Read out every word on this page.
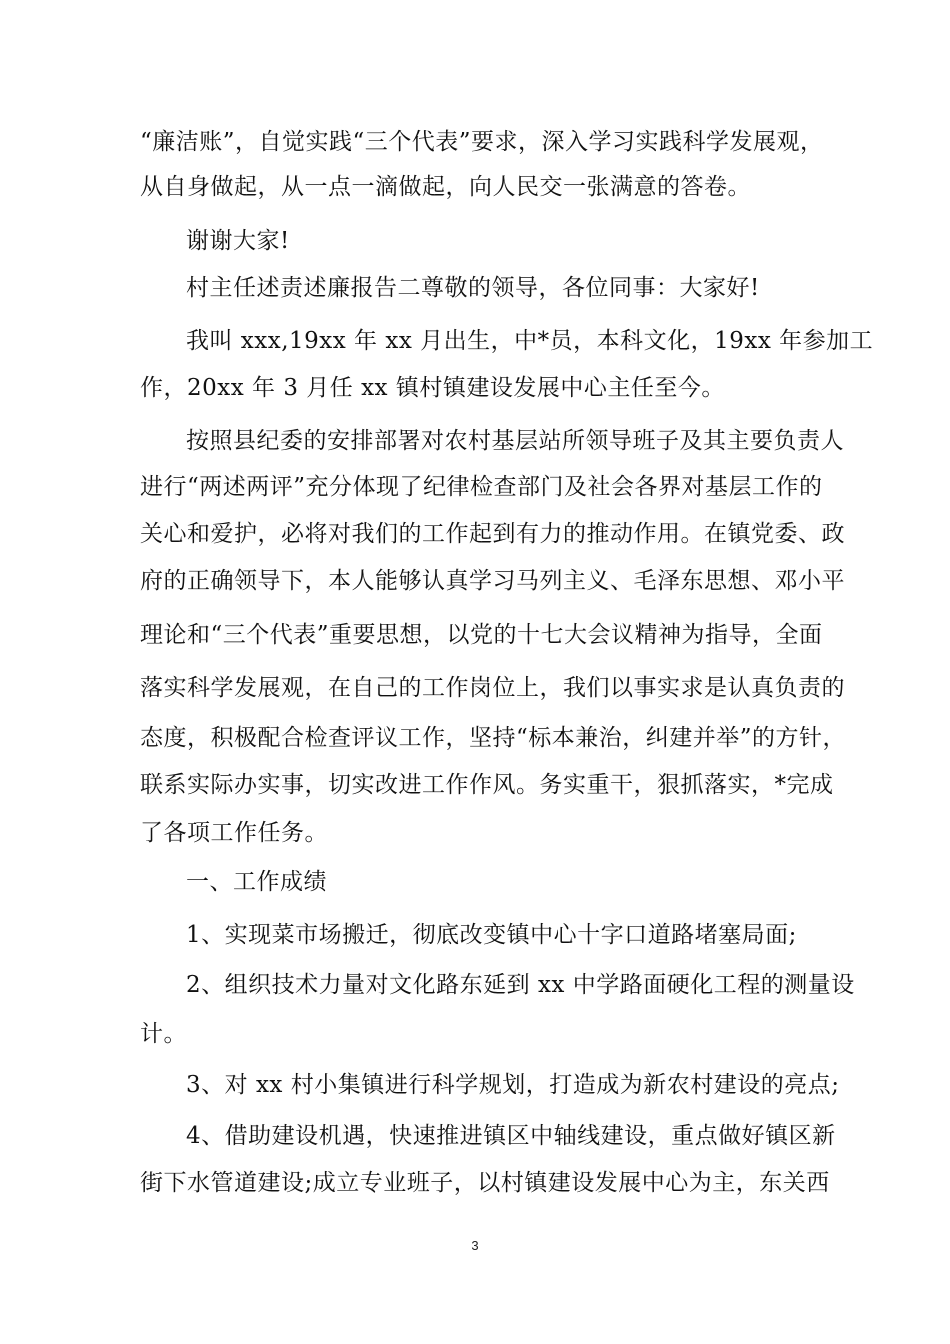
“廉洁账”，自觉实践“三个代表”要求，深入学习实践科学发展观，
从自身做起，从一点一滴做起，向人民交一张满意的答卷。
谢谢大家!
村主任述责述廉报告二尊敬的领导，各位同事：大家好!
我叫 xxx,19xx 年 xx 月出生，中*员，本科文化，19xx 年参加工
作，20xx 年 3 月任 xx 镇村镇建设发展中心主任至今。
按照县纪委的安排部署对农村基层站所领导班子及其主要负责人
进行“两述两评”充分体现了纪律检查部门及社会各界对基层工作的
关心和爱护，必将对我们的工作起到有力的推动作用。在镇党委、政
府的正确领导下，本人能够认真学习马列主义、毛泽东思想、邓小平
理论和“三个代表”重要思想，以党的十七大会议精神为指导，全面
落实科学发展观，在自己的工作岗位上，我们以事实求是认真负责的
态度，积极配合检查评议工作，坚持“标本兼治，纠建并举”的方针，
联系实际办实事，切实改进工作作风。务实重干，狠抓落实，*完成
了各项工作任务。
一、工作成绩
1、实现菜市场搬迁，彻底改变镇中心十字口道路堵塞局面;
2、组织技术力量对文化路东延到 xx 中学路面硬化工程的测量设
计。
3、对 xx 村小集镇进行科学规划，打造成为新农村建设的亮点;
4、借助建设机遇，快速推进镇区中轴线建设，重点做好镇区新
街下水管道建设;成立专业班子，以村镇建设发展中心为主，东关西
3
